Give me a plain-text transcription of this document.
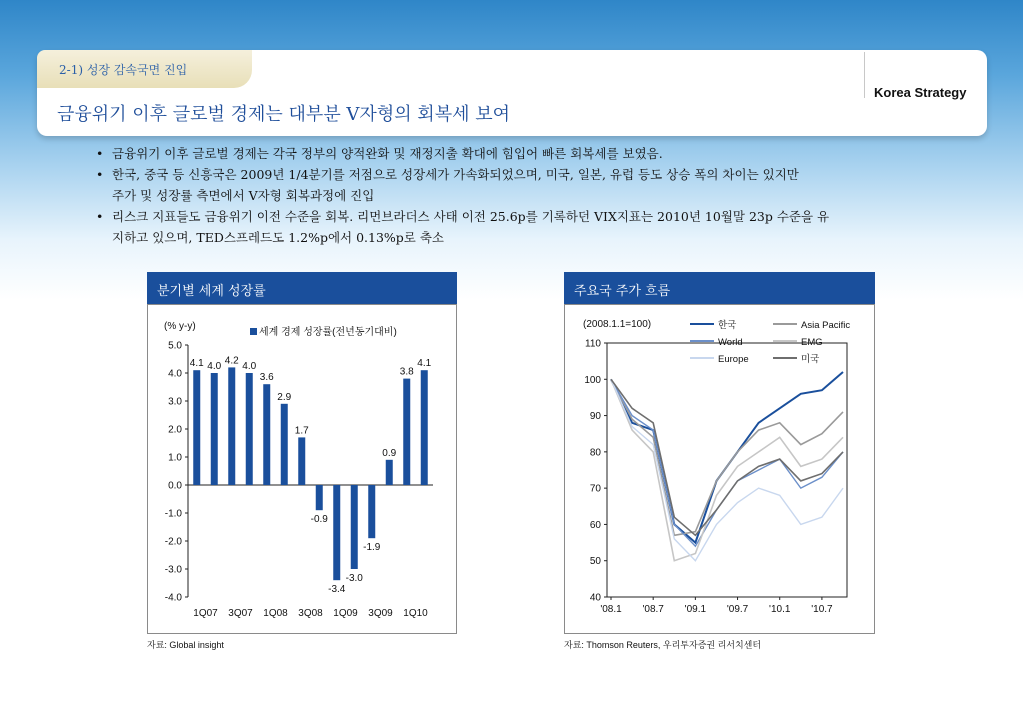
2-1) 성장 감속국면 진입
Korea Strategy
금융위기 이후 글로벌 경제는 대부분 V자형의 회복세 보여
• 금융위기 이후 글로벌 경제는 각국 정부의 양적완화 및 재정지출 확대에 힘입어 빠른 회복세를 보였음.
• 한국, 중국 등 신흥국은 2009년 1/4분기를 저점으로 성장세가 가속화되었으며, 미국, 일본, 유럽 등도 상승 폭의 차이는 있지만
주가 및 성장률 측면에서 V자형 회복과정에 진입
• 리스크 지표들도 금융위기 이전 수준을 회복. 리먼브라더스 사태 이전 25.6p를 기록하던 VIX지표는 2010년 10월말 23p 수준을 유
지하고 있으며, TED스프레드도 1.2%p에서 0.13%p로 축소
분기별 세계 성장률
(% y-y)
세계 경제 성장률(전년동기대비)
5.0
4.0
3.0
2.0
1.0
0.0
-1.0
-2.0
-3.0
-4.0
4.1 4.0
4.2
4.0
3.6
2.9
1.7
-0.9
-3.4
-3.0
-1.9
0.9
3.8
4.1
1Q07 3Q07 1Q08 3Q08 1Q09 3Q09 1Q10
자료: Global insight
주요국 주가 흐름
(2008.1.1=100)
110
100
90
80
70
60
50
40
'08.1 '08.7 '09.1 '09.7 '10.1 '10.7
한국	Asia Pacific
World	EMG
Europe	미국
자료: Thomson Reuters, 우리투자증권 리서치센터
